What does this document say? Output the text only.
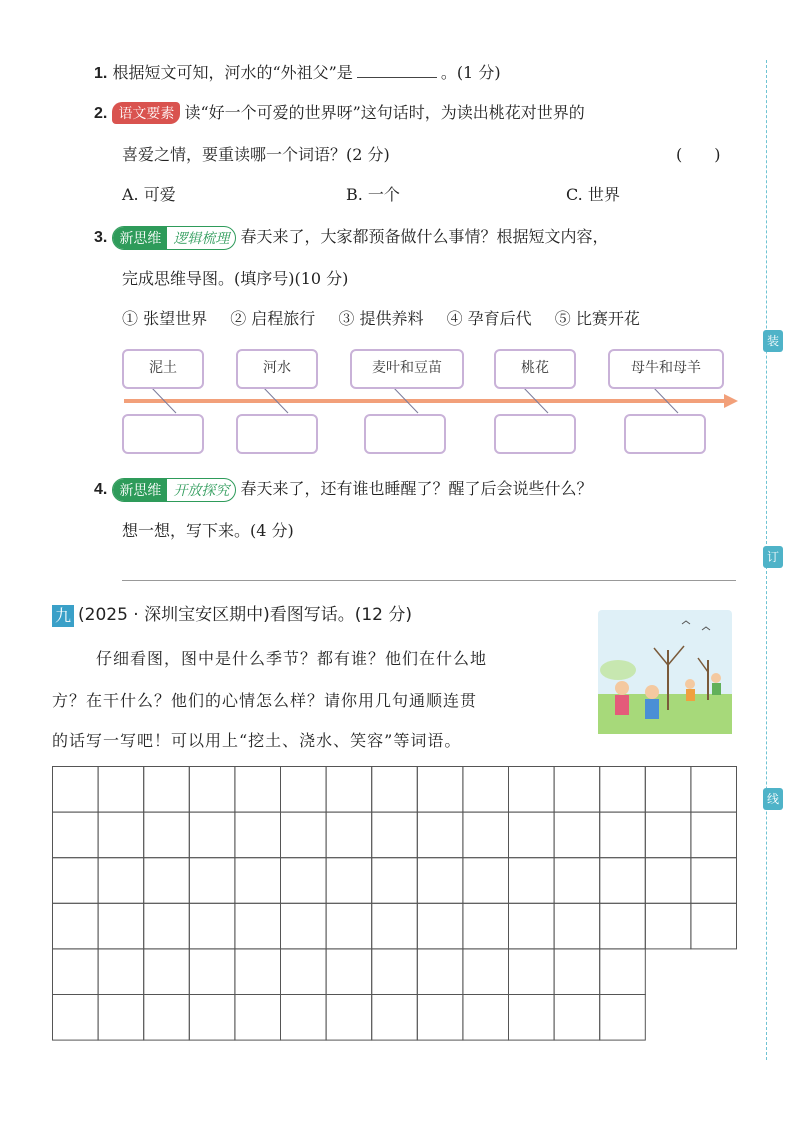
1. 根据短文可知，河水的“外祖父”是	。(1 分)
2. 语文要素 读“好一个可爱的世界呀”这句话时，为读出桃花对世界的
喜爱之情，要重读哪一个词语？(2 分)	(　　)
A. 可爱	B. 一个	C. 世界
3. 新思维 逻辑梳理 春天来了，大家都预备做什么事情？根据短文内容，
完成思维导图。(填序号)(10 分)
① 张望世界 ② 启程旅行 ③ 提供养料 ④ 孕育后代 ⑤ 比赛开花
泥土	河水	麦叶和豆苗	桃花	母牛和母羊
4. 新思维 开放探究 春天来了，还有谁也睡醒了？醒了后会说些什么？
想一想，写下来。(4 分)
九 (2025 · 深圳宝安区期中)看图写话。(12 分)
仔细看图，图中是什么季节？都有谁？他们在什么地
方？在干什么？他们的心情怎么样？请你用几句通顺连贯
的话写一写吧！可以用上“挖土、浇水、笑容”等词语。
装
订
线
